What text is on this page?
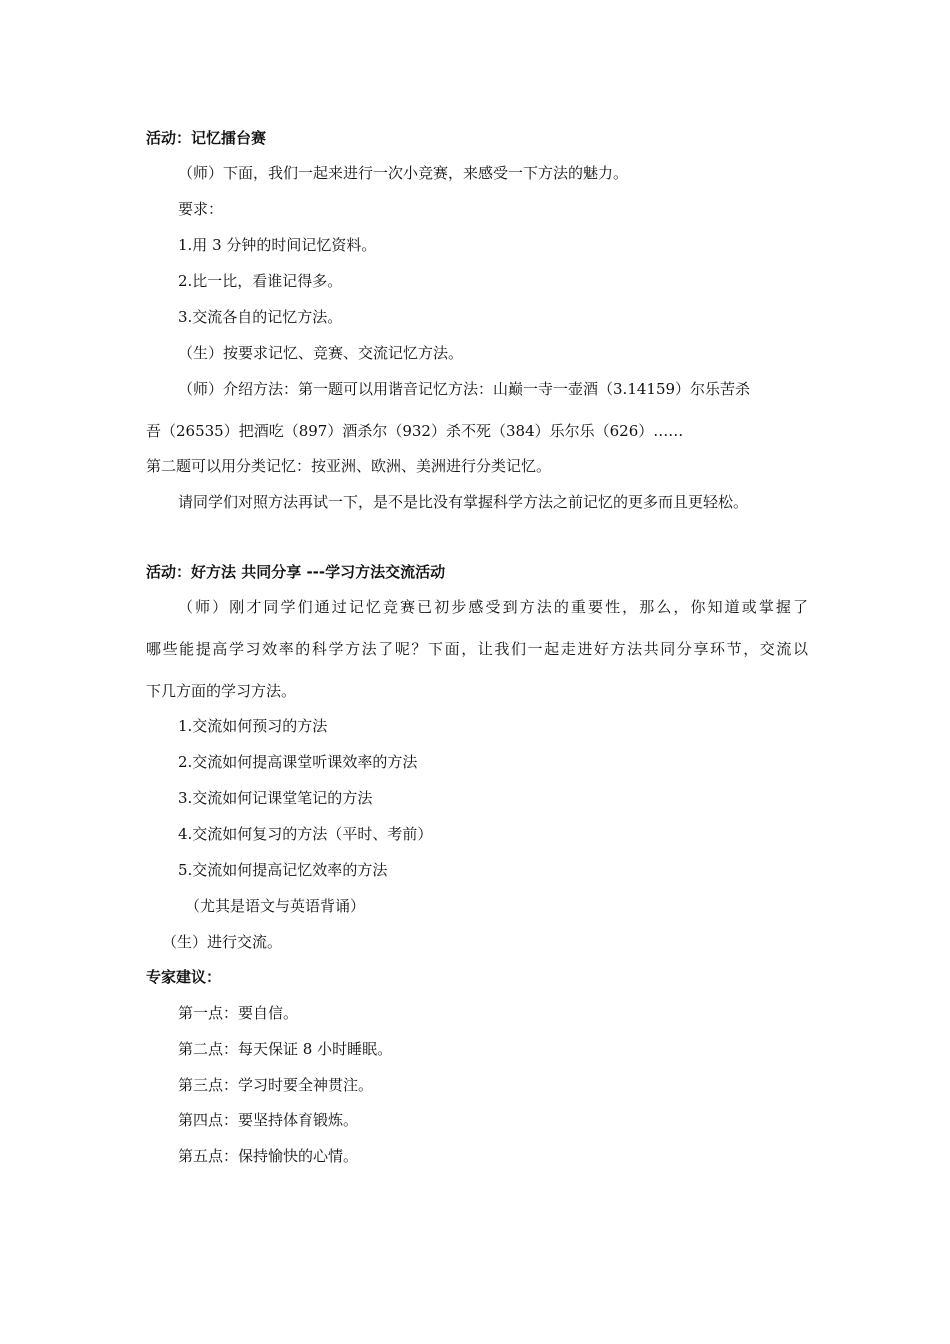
活动：记忆擂台赛
（师）下面，我们一起来进行一次小竞赛，来感受一下方法的魅力。
要求：
1.用 3 分钟的时间记忆资料。
2.比一比，看谁记得多。
3.交流各自的记忆方法。
（生）按要求记忆、竞赛、交流记忆方法。
（师）介绍方法：第一题可以用谐音记忆方法：山巅一寺一壶酒（3.14159）尔乐苦杀
吾（26535）把酒吃（897）酒杀尔（932）杀不死（384）乐尔乐（626）……
第二题可以用分类记忆：按亚洲、欧洲、美洲进行分类记忆。
请同学们对照方法再试一下，是不是比没有掌握科学方法之前记忆的更多而且更轻松。
活动：好方法 共同分享 ---学习方法交流活动
（师）刚才同学们通过记忆竞赛已初步感受到方法的重要性，那么，你知道或掌握了
哪些能提高学习效率的科学方法了呢？下面，让我们一起走进好方法共同分享环节，交流以
下几方面的学习方法。
1.交流如何预习的方法
2.交流如何提高课堂听课效率的方法
3.交流如何记课堂笔记的方法
4.交流如何复习的方法（平时、考前）
5.交流如何提高记忆效率的方法
（尤其是语文与英语背诵）
（生）进行交流。
专家建议：
第一点：要自信。
第二点：每天保证 8 小时睡眠。
第三点：学习时要全神贯注。
第四点：要坚持体育锻炼。
第五点：保持愉快的心情。
